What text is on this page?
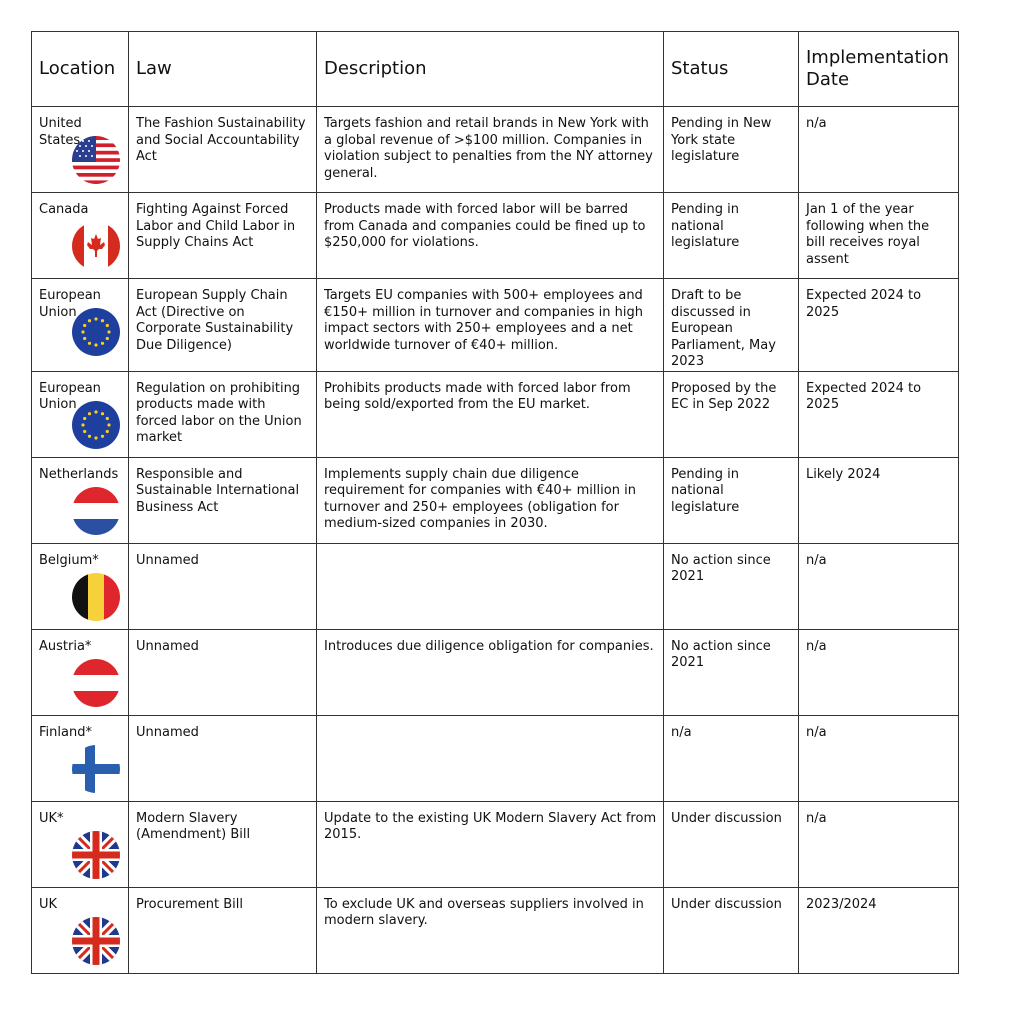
Location	Law	Description	Status	Implementation Date

United States	The Fashion Sustainability and Social Accountability Act	Targets fashion and retail brands in New York with a global revenue of >$100 million. Companies in violation subject to penalties from the NY attorney general.	Pending in New York state legislature	n/a

Canada	Fighting Against Forced Labor and Child Labor in Supply Chains Act	Products made with forced labor will be barred from Canada and companies could be fined up to $250,000 for violations.	Pending in national legislature	Jan 1 of the year following when the bill receives royal assent

European Union	European Supply Chain Act (Directive on Corporate Sustainability Due Diligence)	Targets EU companies with 500+ employees and €150+ million in turnover and companies in high impact sectors with 250+ employees and a net worldwide turnover of €40+ million.	Draft to be discussed in European Parliament, May 2023	Expected 2024 to 2025

European Union	Regulation on prohibiting products made with forced labor on the Union market	Prohibits products made with forced labor from being sold/exported from the EU market.	Proposed by the EC in Sep 2022	Expected 2024 to 2025

Netherlands	Responsible and Sustainable International Business Act	Implements supply chain due diligence requirement for companies with €40+ million in turnover and 250+ employees (obligation for medium-sized companies in 2030.	Pending in national legislature	Likely 2024

Belgium*	Unnamed		No action since 2021	n/a

Austria*	Unnamed	Introduces due diligence obligation for companies.	No action since 2021	n/a

Finland*	Unnamed		n/a	n/a

UK*	Modern Slavery (Amendment) Bill	Update to the existing UK Modern Slavery Act from 2015.	Under discussion	n/a

UK	Procurement Bill	To exclude UK and overseas suppliers involved in modern slavery.	Under discussion	2023/2024
